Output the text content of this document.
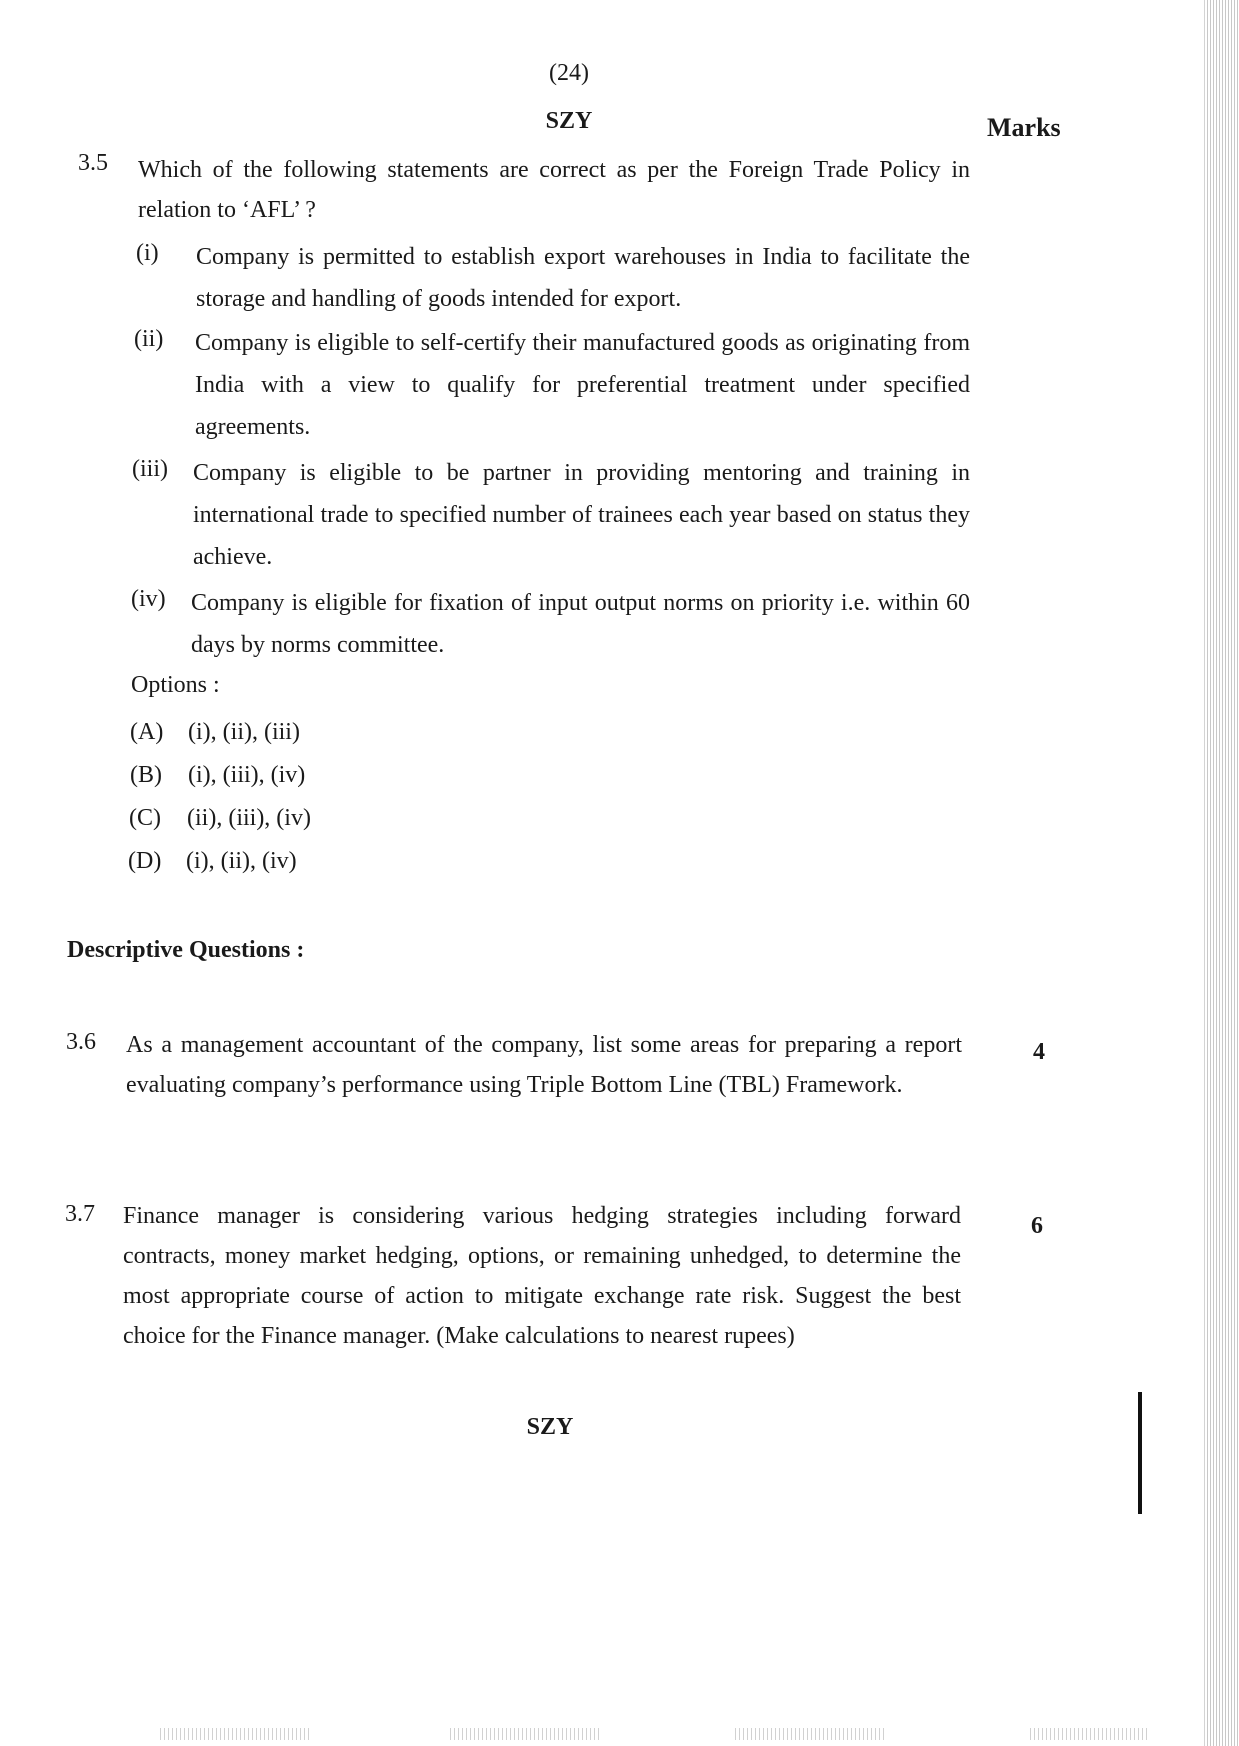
(24)
SZY	Marks
3.5 Which of the following statements are correct as per the Foreign Trade Policy in relation to ‘AFL’ ?
(i) Company is permitted to establish export warehouses in India to facilitate the storage and handling of goods intended for export.
(ii) Company is eligible to self-certify their manufactured goods as originating from India with a view to qualify for preferential treatment under specified agreements.
(iii) Company is eligible to be partner in providing mentoring and training in international trade to specified number of trainees each year based on status they achieve.
(iv) Company is eligible for fixation of input output norms on priority i.e. within 60 days by norms committee.
Options :
(A)	(i), (ii), (iii)
(B)	(i), (iii), (iv)
(C)	(ii), (iii), (iv)
(D)	(i), (ii), (iv)
Descriptive Questions :
3.6 As a management accountant of the company, list some areas for preparing a report evaluating company’s performance using Triple Bottom Line (TBL) Framework.
4
3.7 Finance manager is considering various hedging strategies including forward contracts, money market hedging, options, or remaining unhedged, to determine the most appropriate course of action to mitigate exchange rate risk. Suggest the best choice for the Finance manager. (Make calculations to nearest rupees)
6
SZY
